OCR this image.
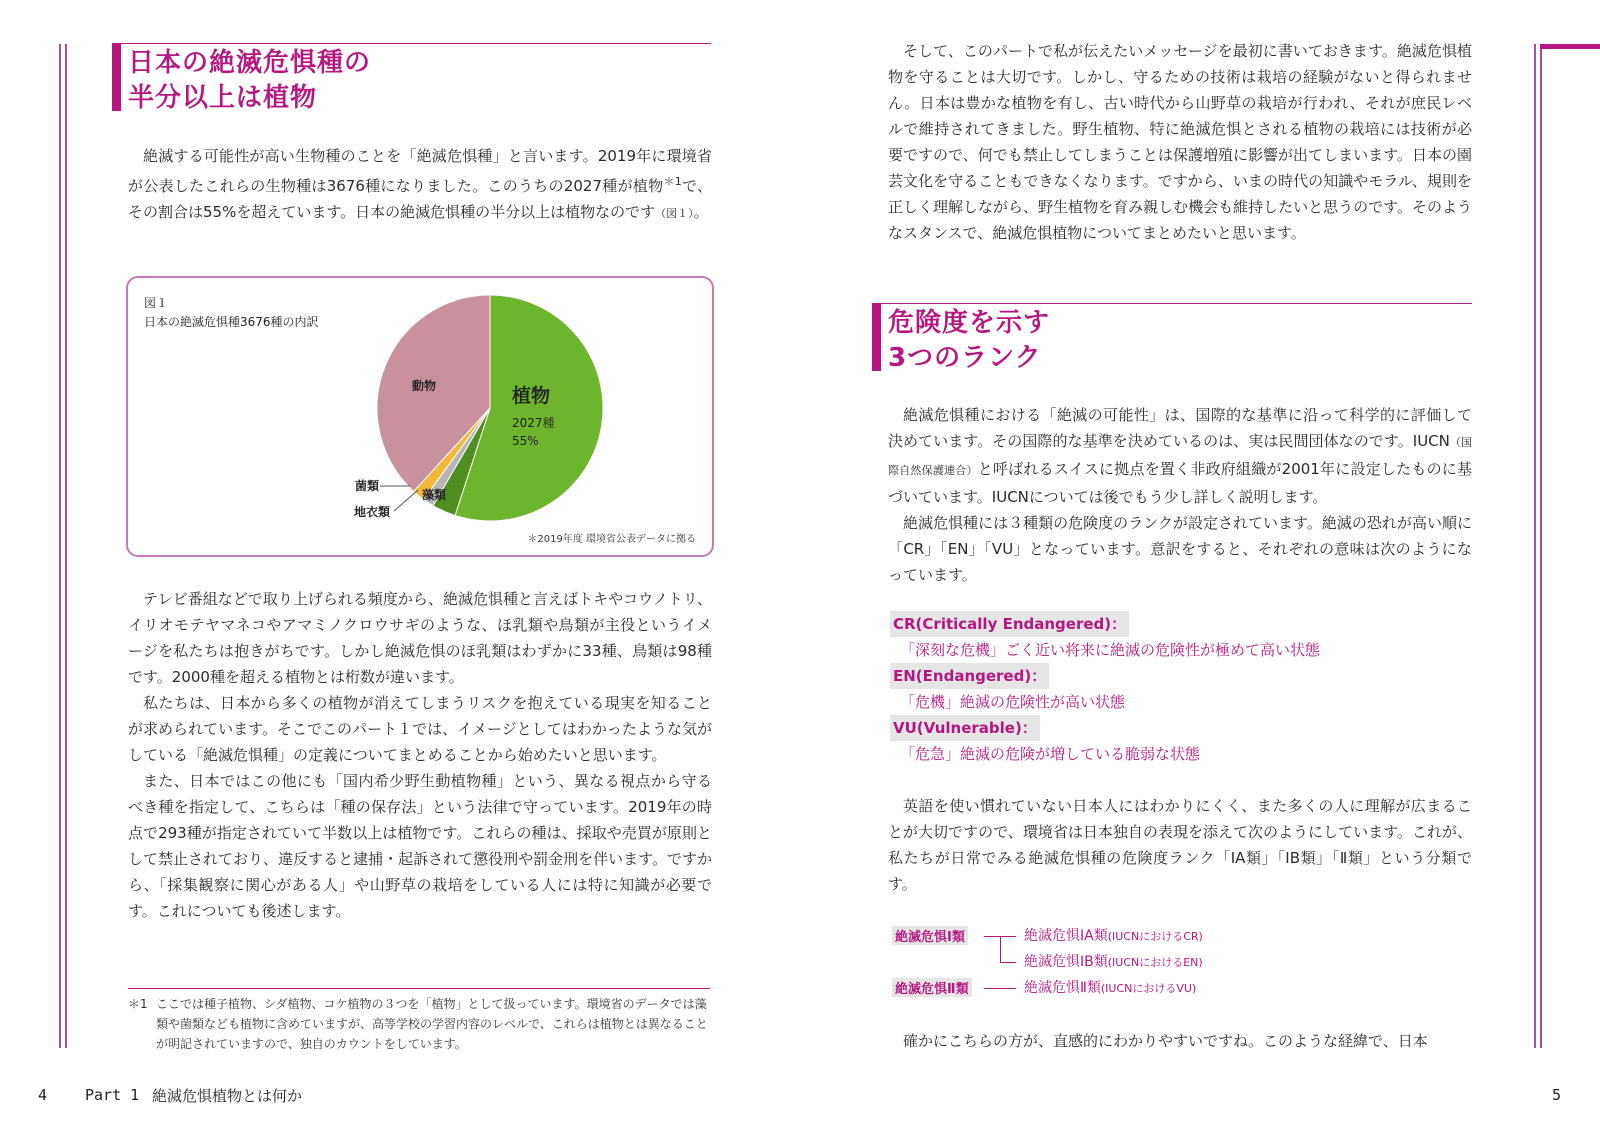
日本の絶滅危惧種の
半分以上は植物

絶滅する可能性が高い生物種のことを「絶滅危惧種」と言います。2019年に環境省が公表したこれらの生物種は3676種になりました。このうちの2027種が植物$^{*1}$で、その割合は55%を超えています。日本の絶滅危惧種の半分以上は植物なのです（図１）。

図１
日本の絶滅危惧種3676種の内訳
動物	植物
2027種
55%
菌類
地衣類
藻類
＊2019年度 環境省公表データに拠る

テレビ番組などで取り上げられる頻度から、絶滅危惧種と言えばトキやコウノトリ、イリオモテヤマネコやアマミノクロウサギのような、ほ乳類や鳥類が主役というイメージを私たちは抱きがちです。しかし絶滅危惧のほ乳類はわずかに33種、鳥類は98種です。2000種を超える植物とは桁数が違います。

私たちは、日本から多くの植物が消えてしまうリスクを抱えている現実を知ることが求められています。そこでこのパート１では、イメージとしてはわかったような気がしている「絶滅危惧種」の定義についてまとめることから始めたいと思います。

また、日本ではこの他にも「国内希少野生動植物種」という、異なる視点から守るべき種を指定して、こちらは「種の保存法」という法律で守っています。2019年の時点で293種が指定されていて半数以上は植物です。これらの種は、採取や売買が原則として禁止されており、違反すると逮捕・起訴されて懲役刑や罰金刑を伴います。ですから、「採集観察に関心がある人」や山野草の栽培をしている人には特に知識が必要です。これについても後述します。

＊1 ここでは種子植物、シダ植物、コケ植物の３つを「植物」として扱っています。環境省のデータでは藻類や菌類なども植物に含めていますが、高等学校の学習内容のレベルで、これらは植物とは異なることが明記されていますので、独自のカウントをしています。
4	Part 1 絶滅危惧植物とは何か

そして、このパートで私が伝えたいメッセージを最初に書いておきます。絶滅危惧植物を守ることは大切です。しかし、守るための技術は栽培の経験がないと得られません。日本は豊かな植物を有し、古い時代から山野草の栽培が行われ、それが庶民レベルで維持されてきました。野生植物、特に絶滅危惧とされる植物の栽培には技術が必要ですので、何でも禁止してしまうことは保護増殖に影響が出てしまいます。日本の園芸文化を守ることもできなくなります。ですから、いまの時代の知識やモラル、規則を正しく理解しながら、野生植物を育み親しむ機会も維持したいと思うのです。そのようなスタンスで、絶滅危惧植物についてまとめたいと思います。

危険度を示す
3つのランク

絶滅危惧種における「絶滅の可能性」は、国際的な基準に沿って科学的に評価して決めています。その国際的な基準を決めているのは、実は民間団体なのです。IUCN（国際自然保護連合）と呼ばれるスイスに拠点を置く非政府組織が2001年に設定したものに基づいています。IUCNについては後でもう少し詳しく説明します。

絶滅危惧種には３種類の危険度のランクが設定されています。絶滅の恐れが高い順に「CR」「EN」「VU」となっています。意訳をすると、それぞれの意味は次のようになっています。

CR(Critically Endangered)：
「深刻な危機」ごく近い将来に絶滅の危険性が極めて高い状態
EN(Endangered)：
「危機」絶滅の危険性が高い状態
VU(Vulnerable)：
「危急」絶滅の危険が増している脆弱な状態

英語を使い慣れていない日本人にはわかりにくく、また多くの人に理解が広まることが大切ですので、環境省は日本独自の表現を添えて次のようにしています。これが、私たちが日常でみる絶滅危惧種の危険度ランク「IA類」「IB類」「Ⅱ類」という分類です。

絶滅危惧Ⅰ類	絶滅危惧ⅠA類(IUCNにおけるCR)
絶滅危惧ⅠB類(IUCNにおけるEN)
絶滅危惧Ⅱ類	絶滅危惧Ⅱ類(IUCNにおけるVU)

確かにこちらの方が、直感的にわかりやすいですね。このような経緯で、日本

5
